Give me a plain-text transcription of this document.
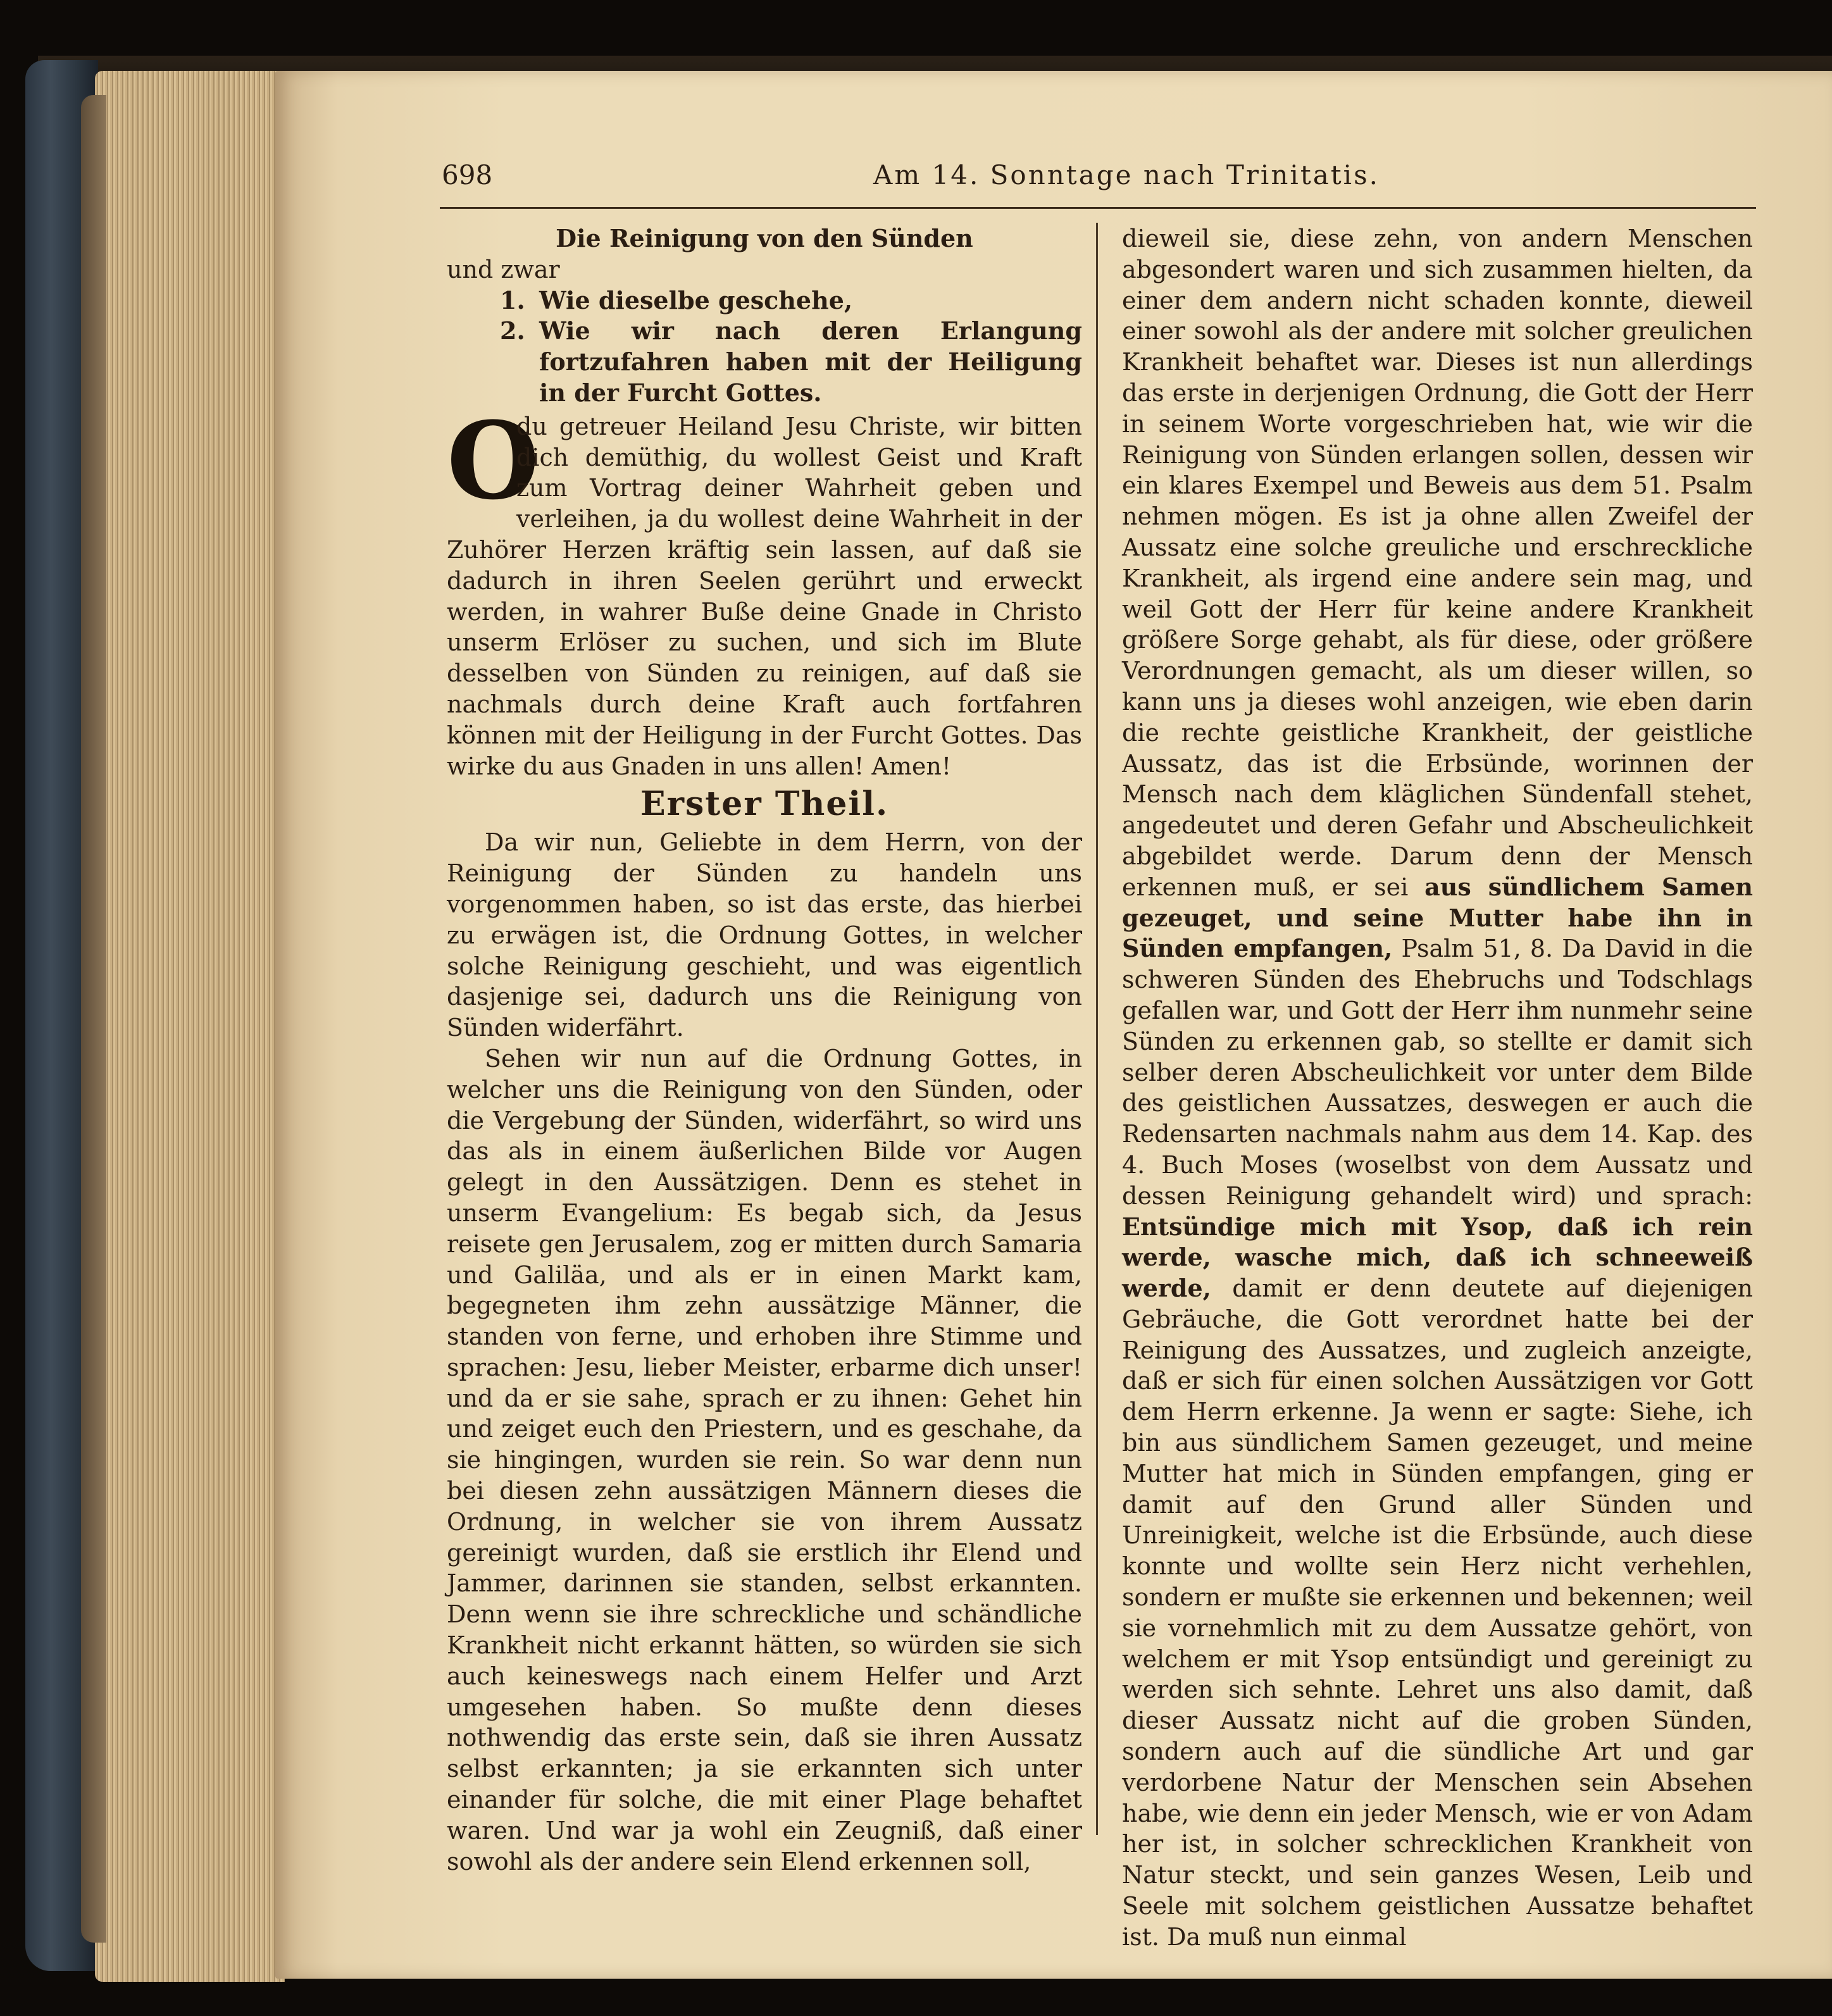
698	Am 14. Sonntage nach Trinitatis.

Die Reinigung von den Sünden

und zwar

1. Wie dieselbe geschehe,
2. Wie wir nach deren Erlangung fortzufahren haben mit der Heiligung in der Furcht Gottes.

O
du getreuer Heiland Jesu Christe, wir bitten dich demüthig, du wollest Geist und Kraft zum Vortrag deiner Wahrheit geben und verleihen, ja du wollest deine Wahrheit in der Zuhörer Herzen kräftig sein lassen, auf daß sie dadurch in ihren Seelen gerührt und erweckt werden, in wahrer Buße deine Gnade in Christo unserm Erlöser zu suchen, und sich im Blute desselben von Sünden zu reinigen, auf daß sie nachmals durch deine Kraft auch fortfahren können mit der Heiligung in der Furcht Gottes. Das wirke du aus Gnaden in uns allen! Amen!

Erster Theil.

Da wir nun, Geliebte in dem Herrn, von der Reinigung der Sünden zu handeln uns vorgenommen haben, so ist das erste, das hierbei zu erwägen ist, die Ordnung Gottes, in welcher solche Reinigung geschieht, und was eigentlich dasjenige sei, dadurch uns die Reinigung von Sünden widerfährt.

Sehen wir nun auf die Ordnung Gottes, in welcher uns die Reinigung von den Sünden, oder die Vergebung der Sünden, widerfährt, so wird uns das als in einem äußerlichen Bilde vor Augen gelegt in den Aussätzigen. Denn es stehet in unserm Evangelium: Es begab sich, da Jesus reisete gen Jerusalem, zog er mitten durch Samaria und Galiläa, und als er in einen Markt kam, begegneten ihm zehn aussätzige Männer, die standen von ferne, und erhoben ihre Stimme und sprachen: Jesu, lieber Meister, erbarme dich unser! und da er sie sahe, sprach er zu ihnen: Gehet hin und zeiget euch den Priestern, und es geschahe, da sie hingingen, wurden sie rein. So war denn nun bei diesen zehn aussätzigen Männern dieses die Ordnung, in welcher sie von ihrem Aussatz gereinigt wurden, daß sie erstlich ihr Elend und Jammer, darinnen sie standen, selbst erkannten. Denn wenn sie ihre schreckliche und schändliche Krankheit nicht erkannt hätten, so würden sie sich auch keineswegs nach einem Helfer und Arzt umgesehen haben. So mußte denn dieses nothwendig das erste sein, daß sie ihren Aussatz selbst erkannten; ja sie erkannten sich unter einander für solche, die mit einer Plage behaftet waren. Und war ja wohl ein Zeugniß, daß einer sowohl als der andere sein Elend erkennen soll,

dieweil sie, diese zehn, von andern Menschen abgesondert waren und sich zusammen hielten, da einer dem andern nicht schaden konnte, dieweil einer sowohl als der andere mit solcher greulichen Krankheit behaftet war. Dieses ist nun allerdings das erste in derjenigen Ordnung, die Gott der Herr in seinem Worte vorgeschrieben hat, wie wir die Reinigung von Sünden erlangen sollen, dessen wir ein klares Exempel und Beweis aus dem 51. Psalm nehmen mögen. Es ist ja ohne allen Zweifel der Aussatz eine solche greuliche und erschreckliche Krankheit, als irgend eine andere sein mag, und weil Gott der Herr für keine andere Krankheit größere Sorge gehabt, als für diese, oder größere Verordnungen gemacht, als um dieser willen, so kann uns ja dieses wohl anzeigen, wie eben darin die rechte geistliche Krankheit, der geistliche Aussatz, das ist die Erbsünde, worinnen der Mensch nach dem kläglichen Sündenfall stehet, angedeutet und deren Gefahr und Abscheulichkeit abgebildet werde. Darum denn der Mensch erkennen muß, er sei aus sündlichem Samen gezeuget, und seine Mutter habe ihn in Sünden empfangen, Psalm 51, 8. Da David in die schweren Sünden des Ehebruchs und Todschlags gefallen war, und Gott der Herr ihm nunmehr seine Sünden zu erkennen gab, so stellte er damit sich selber deren Abscheulichkeit vor unter dem Bilde des geistlichen Aussatzes, deswegen er auch die Redensarten nachmals nahm aus dem 14. Kap. des 4. Buch Moses (woselbst von dem Aussatz und dessen Reinigung gehandelt wird) und sprach: Entsündige mich mit Ysop, daß ich rein werde, wasche mich, daß ich schneeweiß werde, damit er denn deutete auf diejenigen Gebräuche, die Gott verordnet hatte bei der Reinigung des Aussatzes, und zugleich anzeigte, daß er sich für einen solchen Aussätzigen vor Gott dem Herrn erkenne. Ja wenn er sagte: Siehe, ich bin aus sündlichem Samen gezeuget, und meine Mutter hat mich in Sünden empfangen, ging er damit auf den Grund aller Sünden und Unreinigkeit, welche ist die Erbsünde, auch diese konnte und wollte sein Herz nicht verhehlen, sondern er mußte sie erkennen und bekennen; weil sie vornehmlich mit zu dem Aussatze gehört, von welchem er mit Ysop entsündigt und gereinigt zu werden sich sehnte. Lehret uns also damit, daß dieser Aussatz nicht auf die groben Sünden, sondern auch auf die sündliche Art und gar verdorbene Natur der Menschen sein Absehen habe, wie denn ein jeder Mensch, wie er von Adam her ist, in solcher schrecklichen Krankheit von Natur steckt, und sein ganzes Wesen, Leib und Seele mit solchem geistlichen Aussatze behaftet ist. Da muß nun einmal
